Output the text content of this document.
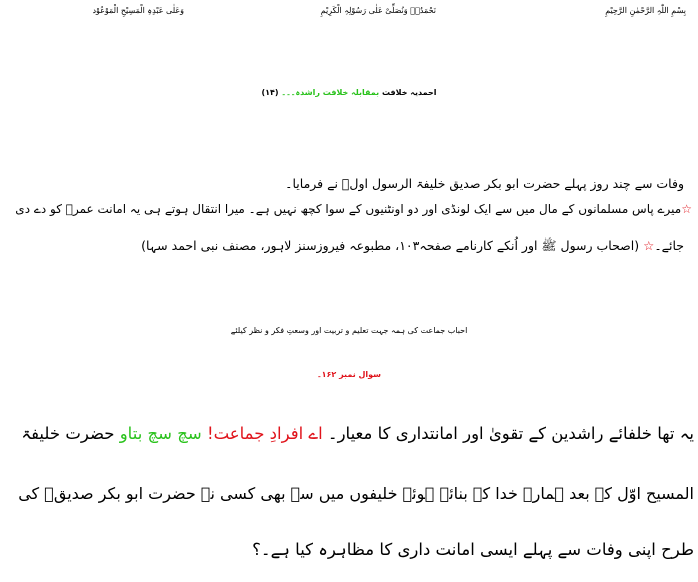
بِسْمِ اللّٰہِ الرَّحْمٰنِ الرَّحِیْمِ
نَحْمَدُہٗ وَنُصَلِّیْ عَلٰی رَسُوْلِہِ الْکَرِیْمِ
وَعَلٰی عَبْدِہِ الْمَسِیْحِ الْمَوْعُوْد
احمدیہ خلافت بمقابلہ خلافت راشدہ۔۔۔ (۱۴)
وفات سے چند روز پہلے حضرت ابو بکر صدیق خلیفۃ الرسول اولؓ نے فرمایا۔
☆میرے پاس مسلمانوں کے مال میں سے ایک لونڈی اور دو اونٹنیوں کے سوا کچھ نہیں ہے۔ میرا انتقال ہوتے ہی یہ امانت عمرؓ کو دے دی
جائے۔☆ (اصحاب رسول ﷺ اور اُنکے کارنامے صفحہ۱۰۳، مطبوعہ فیروزسنز لاہور، مصنف نبی احمد سہا)
احباب جماعت کی ہمہ جہت تعلیم و تربیت اور وسعتِ فکر و نظر کیلئے
سوال نمبر ۱۶۲۔
یہ تھا خلفائے راشدین کے تقویٰ اور امانتداری کا معیار۔ اے افرادِ جماعت! سچ سچ بتاو حضرت خلیفۃ
المسیح اوّل کے بعد ہمارے خدا کے بنائے ہوئے خلیفوں میں سے بھی کسی نے حضرت ابو بکر صدیقؓ کی
طرح اپنی وفات سے پہلے ایسی امانت داری کا مظاہرہ کیا ہے۔؟
